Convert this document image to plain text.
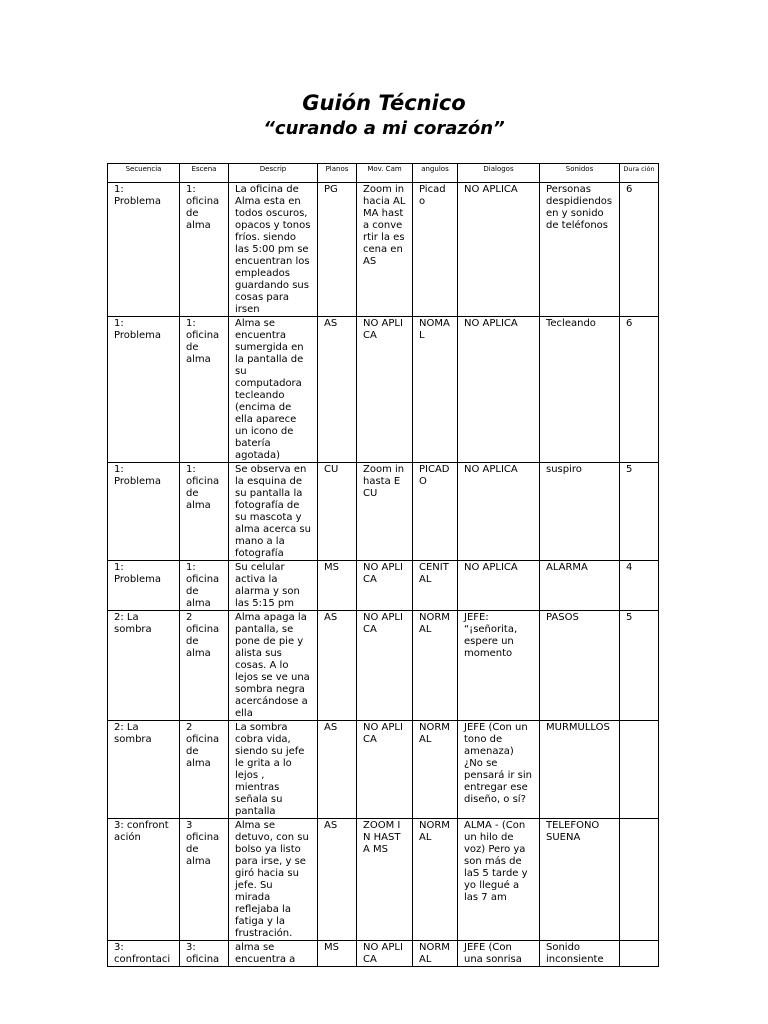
Guión Técnico
“curando a mi corazón”
Secuencia	Escena	Descrip	Planos	Mov. Cam	angulos	Dialogos	Sonidos	Dura ción
1: Problema	1: oficina de alma	La oficina de Alma esta en todos oscuros, opacos y tonos fríos. siendo las 5:00 pm se encuentran los empleados guardando sus cosas para irsen	PG	Zoom in hacia ALMA hasta convertir la escena en AS	Picado	NO APLICA	Personas despidiendos en y sonido de teléfonos	6
1: Problema	1: oficina de alma	Alma se encuentra sumergida en la pantalla de su computadora tecleando (encima de ella aparece un icono de batería agotada)	AS	NO APLICA	NOMAL	NO APLICA	Tecleando	6
1: Problema	1: oficina de alma	Se observa en la esquina de su pantalla la fotografía de su mascota y alma acerca su mano a la fotografía	CU	Zoom in hasta ECU	PICADO	NO APLICA	suspiro	5
1: Problema	1: oficina de alma	Su celular activa la alarma y son las 5:15 pm	MS	NO APLICA	CENITAL	NO APLICA	ALARMA	4
2: La sombra	2 oficina de alma	Alma apaga la pantalla, se pone de pie y alista sus cosas. A lo lejos se ve una sombra negra acercándose a ella	AS	NO APLICA	NORMAL	JEFE: “¡señorita, espere un momento	PASOS	5
2: La sombra	2 oficina de alma	La sombra cobra vida, siendo su jefe le grita a lo lejos , mientras señala su pantalla	AS	NO APLICA	NORMAL	JEFE (Con un tono de amenaza) ¿No se pensará ir sin entregar ese diseño, o sí?	MURMULLOS	
3: confrontación	3 oficina de alma	Alma se detuvo, con su bolso ya listo para irse, y se giró hacia su jefe. Su mirada reflejaba la fatiga y la frustración.	AS	ZOOM IN HASTA MS	NORMAL	ALMA - (Con un hilo de voz) Pero ya son más de laS 5 tarde y yo llegué a las 7 am	TELEFONO SUENA	
3: confrontaci	3: oficina	alma se encuentra a	MS	NO APLICA	NORMAL	JEFE (Con una sonrisa	Sonido inconsiente	
